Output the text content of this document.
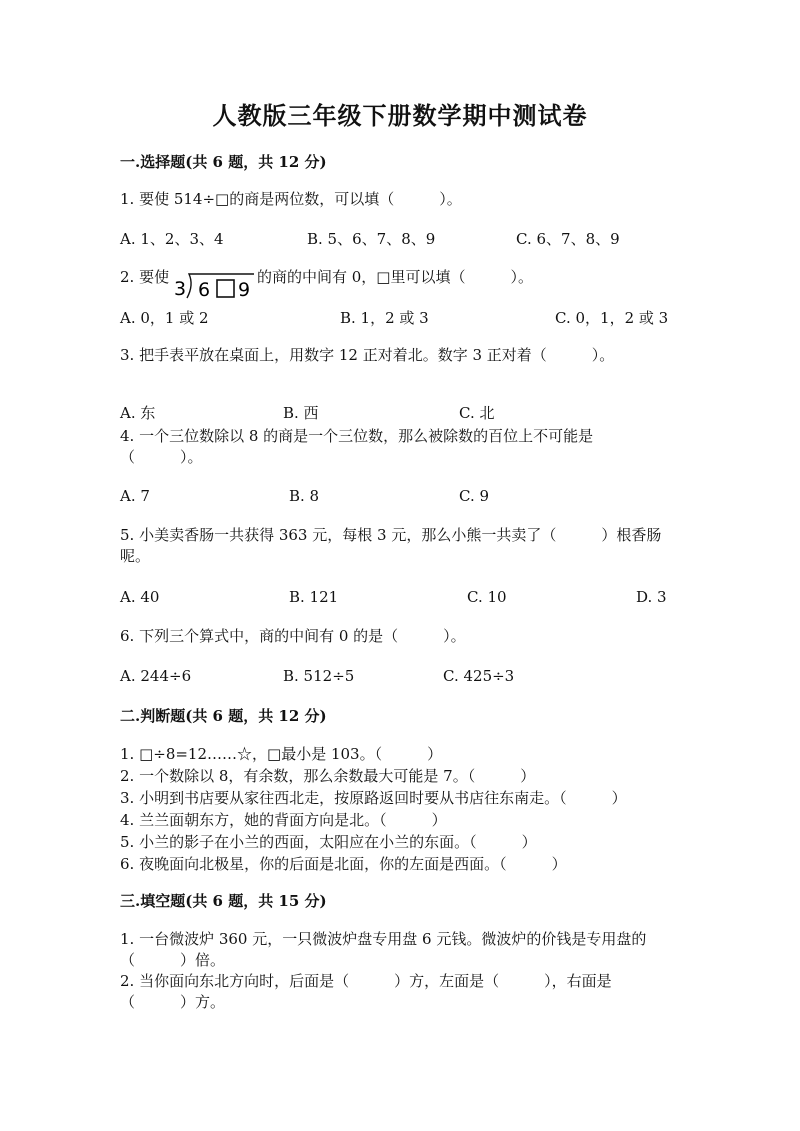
人教版三年级下册数学期中测试卷
一.选择题(共 6 题，共 12 分)
1. 要使 514÷□的商是两位数，可以填（　　　）。
A. 1、2、3、4	B. 5、6、7、8、9	C. 6、7、8、9
2. 要使
3 6 9
的商的中间有 0，□里可以填（　　　）。
A. 0，1 或 2	B. 1，2 或 3	C. 0，1，2 或 3
3. 把手表平放在桌面上，用数字 12 正对着北。数字 3 正对着（　　　）。
A. 东	B. 西	C. 北
4. 一个三位数除以 8 的商是一个三位数，那么被除数的百位上不可能是
（　　　）。
A. 7	B. 8	C. 9
5. 小美卖香肠一共获得 363 元，每根 3 元，那么小熊一共卖了（　　　）根香肠
呢。
A. 40	B. 121	C. 10	D. 3
6. 下列三个算式中，商的中间有 0 的是（　　　）。
A. 244÷6	B. 512÷5	C. 425÷3
二.判断题(共 6 题，共 12 分)
1. □÷8=12……☆，□最小是 103。（　　　）
2. 一个数除以 8，有余数，那么余数最大可能是 7。（　　　）
3. 小明到书店要从家往西北走，按原路返回时要从书店往东南走。（　　　）
4. 兰兰面朝东方，她的背面方向是北。（　　　）
5. 小兰的影子在小兰的西面，太阳应在小兰的东面。（　　　）
6. 夜晚面向北极星，你的后面是北面，你的左面是西面。（　　　）
三.填空题(共 6 题，共 15 分)
1. 一台微波炉 360 元，一只微波炉盘专用盘 6 元钱。微波炉的价钱是专用盘的
（　　　）倍。
2. 当你面向东北方向时，后面是（　　　）方，左面是（　　　），右面是
（　　　）方。
